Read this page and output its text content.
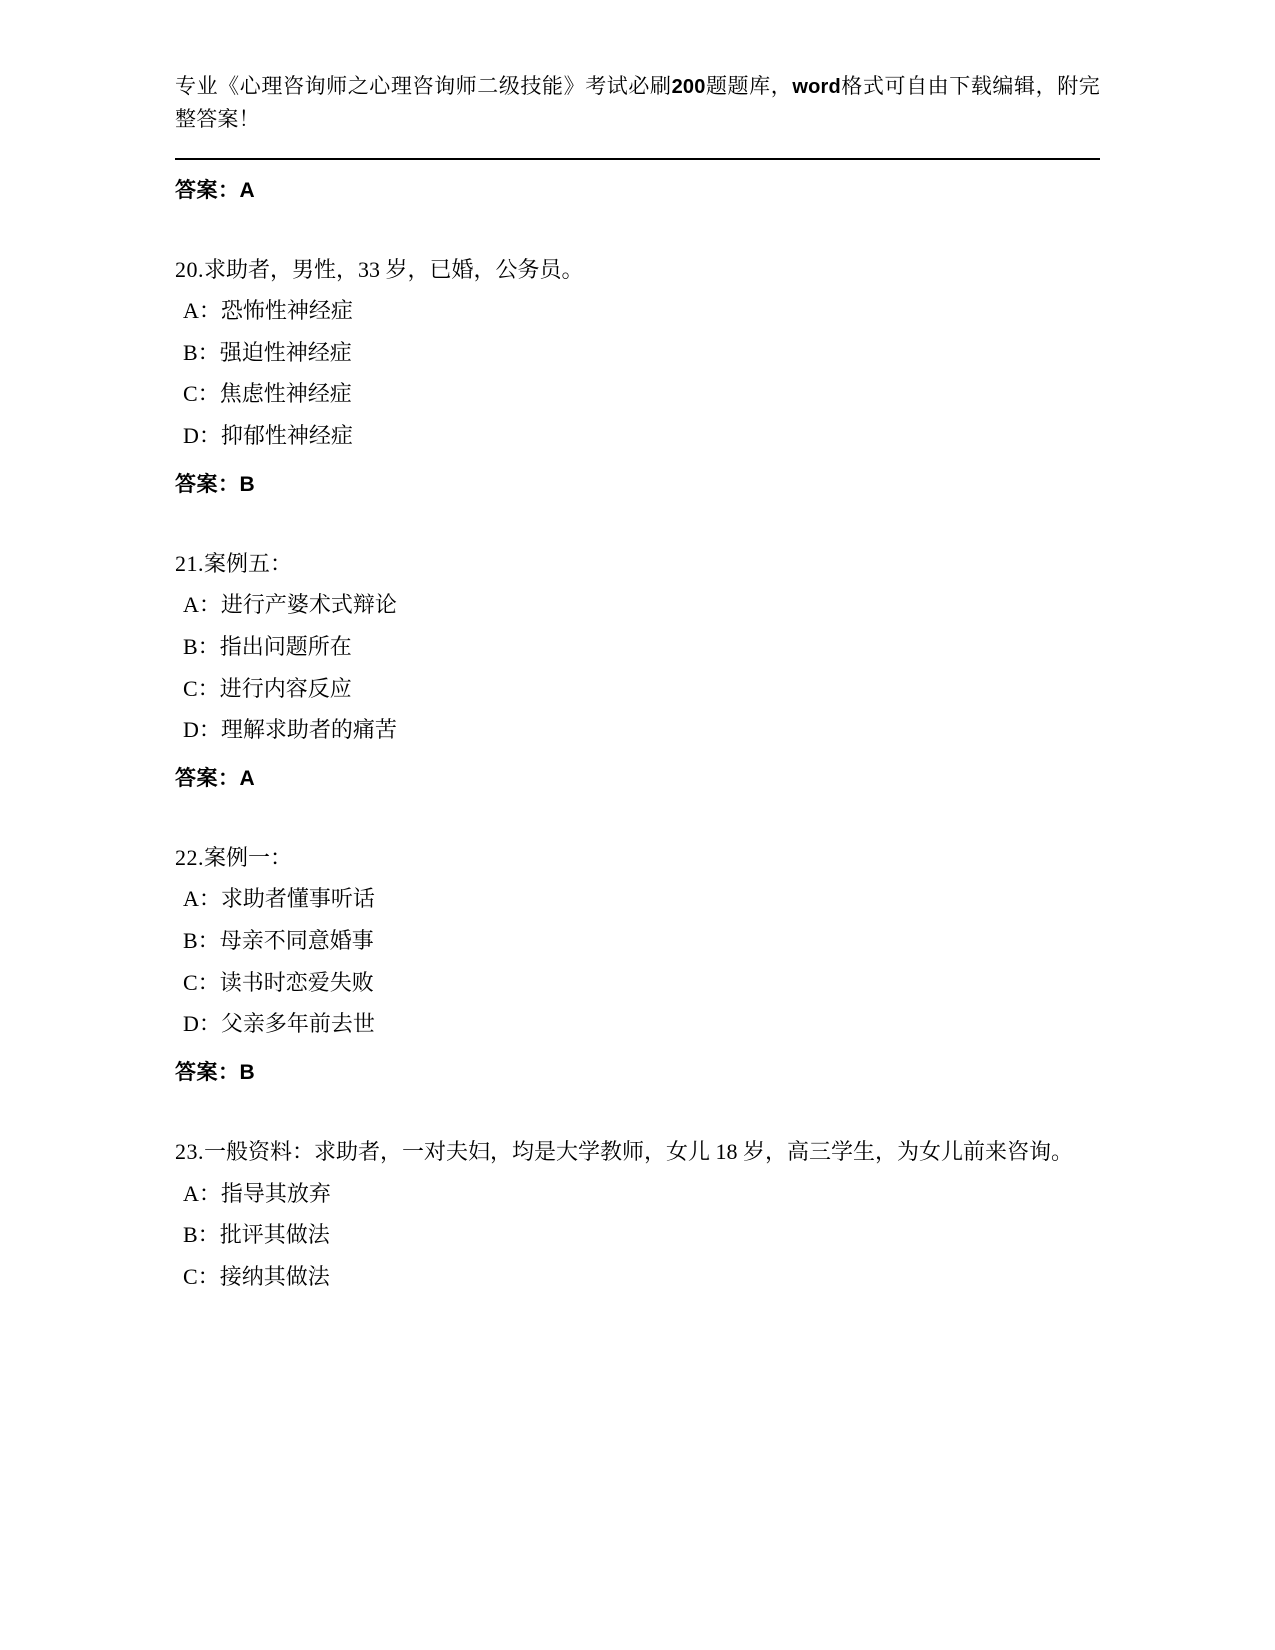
专业《心理咨询师之心理咨询师二级技能》考试必刷200题题库，word格式可自由下载编辑，附完整答案！
答案：A
20.求助者，男性，33 岁，已婚，公务员。
A：恐怖性神经症
B：强迫性神经症
C：焦虑性神经症
D：抑郁性神经症
答案：B
21.案例五：
A：进行产婆术式辩论
B：指出问题所在
C：进行内容反应
D：理解求助者的痛苦
答案：A
22.案例一：
A：求助者懂事听话
B：母亲不同意婚事
C：读书时恋爱失败
D：父亲多年前去世
答案：B
23.一般资料：求助者，一对夫妇，均是大学教师，女儿 18 岁，高三学生，为女儿前来咨询。
A：指导其放弃
B：批评其做法
C：接纳其做法
